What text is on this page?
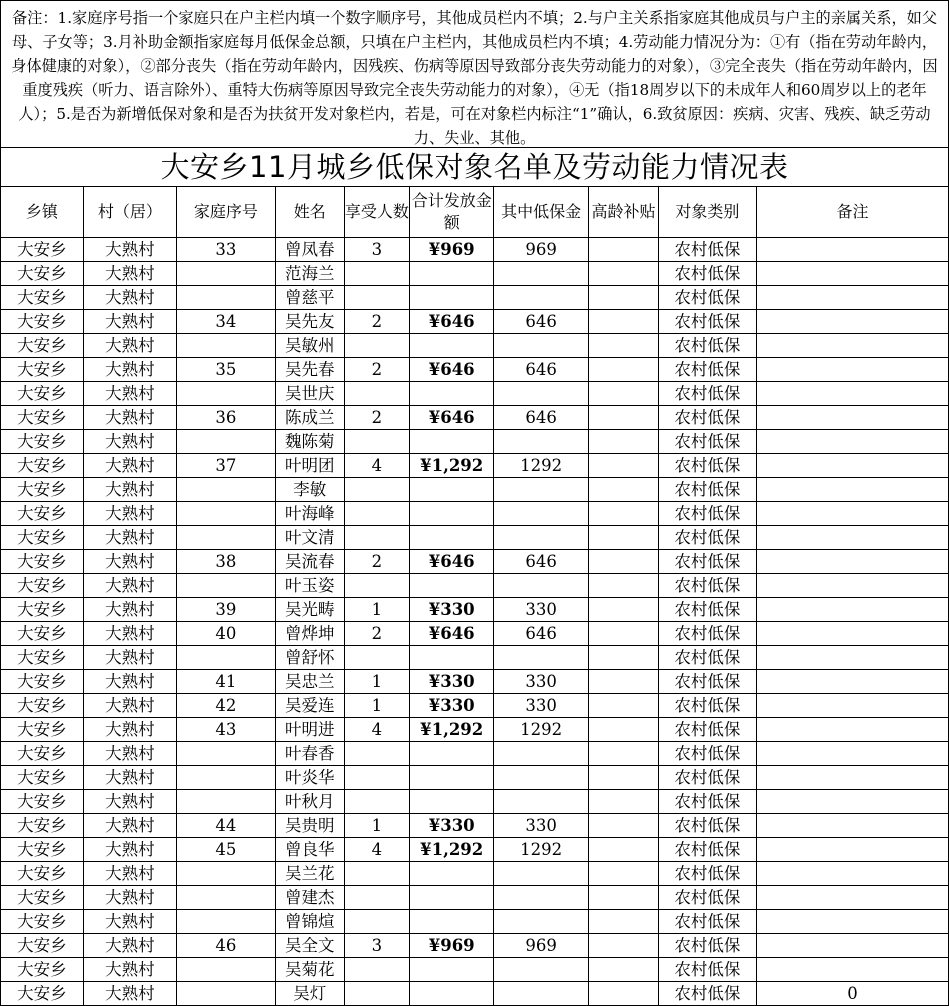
备注：1.家庭序号指一个家庭只在户主栏内填一个数字顺序号，其他成员栏内不填；2.与户主关系指家庭其他成员与户主的亲属关系，如父母、子女等；3.月补助金额指家庭每月低保金总额，只填在户主栏内，其他成员栏内不填；4.劳动能力情况分为：①有（指在劳动年龄内，身体健康的对象），②部分丧失（指在劳动年龄内，因残疾、伤病等原因导致部分丧失劳动能力的对象），③完全丧失（指在劳动年龄内，因重度残疾（听力、语言除外）、重特大伤病等原因导致完全丧失劳动能力的对象），④无（指18周岁以下的未成年人和60周岁以上的老年人）；5.是否为新增低保对象和是否为扶贫开发对象栏内，若是，可在对象栏内标注“1”确认，6.致贫原因：疾病、灾害、残疾、缺乏劳动力、失业、其他。
大安乡11月城乡低保对象名单及劳动能力情况表
乡镇	村（居）	家庭序号	姓名	享受人数	合计发放金额	其中低保金	高龄补贴	对象类别	备注
大安乡	大熟村	33	曾凤春	3	¥969	969		农村低保	
大安乡	大熟村		范海兰					农村低保	
大安乡	大熟村		曾慈平					农村低保	
大安乡	大熟村	34	吴先友	2	¥646	646		农村低保	
大安乡	大熟村		吴敏州					农村低保	
大安乡	大熟村	35	吴先春	2	¥646	646		农村低保	
大安乡	大熟村		吴世庆					农村低保	
大安乡	大熟村	36	陈成兰	2	¥646	646		农村低保	
大安乡	大熟村		魏陈菊					农村低保	
大安乡	大熟村	37	叶明团	4	¥1,292	1292		农村低保	
大安乡	大熟村		李敏					农村低保	
大安乡	大熟村		叶海峰					农村低保	
大安乡	大熟村		叶文清					农村低保	
大安乡	大熟村	38	吴流春	2	¥646	646		农村低保	
大安乡	大熟村		叶玉姿					农村低保	
大安乡	大熟村	39	吴光畴	1	¥330	330		农村低保	
大安乡	大熟村	40	曾烨坤	2	¥646	646		农村低保	
大安乡	大熟村		曾舒怀					农村低保	
大安乡	大熟村	41	吴忠兰	1	¥330	330		农村低保	
大安乡	大熟村	42	吴爱连	1	¥330	330		农村低保	
大安乡	大熟村	43	叶明进	4	¥1,292	1292		农村低保	
大安乡	大熟村		叶春香					农村低保	
大安乡	大熟村		叶炎华					农村低保	
大安乡	大熟村		叶秋月					农村低保	
大安乡	大熟村	44	吴贵明	1	¥330	330		农村低保	
大安乡	大熟村	45	曾良华	4	¥1,292	1292		农村低保	
大安乡	大熟村		吴兰花					农村低保	
大安乡	大熟村		曾建杰					农村低保	
大安乡	大熟村		曾锦煊					农村低保	
大安乡	大熟村	46	吴全文	3	¥969	969		农村低保	
大安乡	大熟村		吴菊花					农村低保	
大安乡	大熟村		吴灯					农村低保	0
